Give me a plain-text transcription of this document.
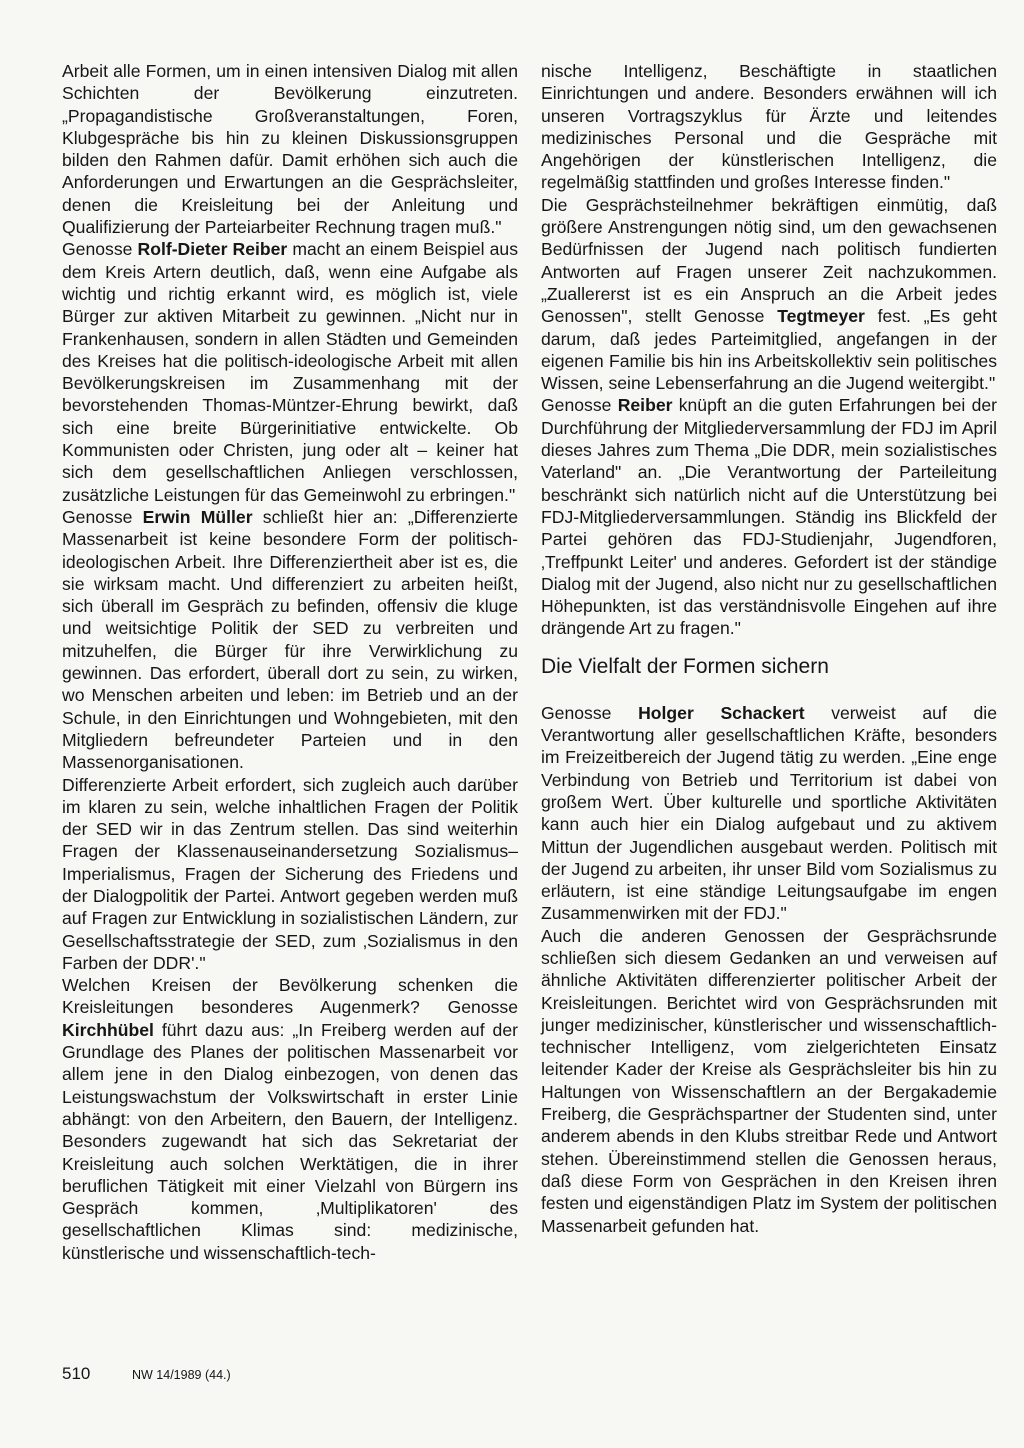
Arbeit alle Formen, um in einen intensiven Dialog mit allen Schichten der Bevölkerung einzutreten. „Propagandistische Großveranstaltungen, Foren, Klubgespräche bis hin zu kleinen Diskussionsgruppen bilden den Rahmen dafür. Damit erhöhen sich auch die Anforderungen und Erwartungen an die Gesprächsleiter, denen die Kreisleitung bei der Anleitung und Qualifizierung der Parteiarbeiter Rechnung tragen muß."

Genosse Rolf-Dieter Reiber macht an einem Beispiel aus dem Kreis Artern deutlich, daß, wenn eine Aufgabe als wichtig und richtig erkannt wird, es möglich ist, viele Bürger zur aktiven Mitarbeit zu gewinnen. „Nicht nur in Frankenhausen, sondern in allen Städten und Gemeinden des Kreises hat die politisch-ideologische Arbeit mit allen Bevölkerungskreisen im Zusammenhang mit der bevorstehenden Thomas-Müntzer-Ehrung bewirkt, daß sich eine breite Bürgerinitiative entwickelte. Ob Kommunisten oder Christen, jung oder alt – keiner hat sich dem gesellschaftlichen Anliegen verschlossen, zusätzliche Leistungen für das Gemeinwohl zu erbringen."

Genosse Erwin Müller schließt hier an: „Differenzierte Massenarbeit ist keine besondere Form der politisch-ideologischen Arbeit. Ihre Differenziertheit aber ist es, die sie wirksam macht. Und differenziert zu arbeiten heißt, sich überall im Gespräch zu befinden, offensiv die kluge und weitsichtige Politik der SED zu verbreiten und mitzuhelfen, die Bürger für ihre Verwirklichung zu gewinnen. Das erfordert, überall dort zu sein, zu wirken, wo Menschen arbeiten und leben: im Betrieb und an der Schule, in den Einrichtungen und Wohngebieten, mit den Mitgliedern befreundeter Parteien und in den Massenorganisationen.

Differenzierte Arbeit erfordert, sich zugleich auch darüber im klaren zu sein, welche inhaltlichen Fragen der Politik der SED wir in das Zentrum stellen. Das sind weiterhin Fragen der Klassenauseinandersetzung Sozialismus–Imperialismus, Fragen der Sicherung des Friedens und der Dialogpolitik der Partei. Antwort gegeben werden muß auf Fragen zur Entwicklung in sozialistischen Ländern, zur Gesellschaftsstrategie der SED, zum ‚Sozialismus in den Farben der DDR'."

Welchen Kreisen der Bevölkerung schenken die Kreisleitungen besonderes Augenmerk? Genosse Kirchhübel führt dazu aus: „In Freiberg werden auf der Grundlage des Planes der politischen Massenarbeit vor allem jene in den Dialog einbezogen, von denen das Leistungswachstum der Volkswirtschaft in erster Linie abhängt: von den Arbeitern, den Bauern, der Intelligenz. Besonders zugewandt hat sich das Sekretariat der Kreisleitung auch solchen Werktätigen, die in ihrer beruflichen Tätigkeit mit einer Vielzahl von Bürgern ins Gespräch kommen, ‚Multiplikatoren' des gesellschaftlichen Klimas sind: medizinische, künstlerische und wissenschaftlich-tech-

nische Intelligenz, Beschäftigte in staatlichen Einrichtungen und andere. Besonders erwähnen will ich unseren Vortragszyklus für Ärzte und leitendes medizinisches Personal und die Gespräche mit Angehörigen der künstlerischen Intelligenz, die regelmäßig stattfinden und großes Interesse finden."

Die Gesprächsteilnehmer bekräftigen einmütig, daß größere Anstrengungen nötig sind, um den gewachsenen Bedürfnissen der Jugend nach politisch fundierten Antworten auf Fragen unserer Zeit nachzukommen. „Zuallererst ist es ein Anspruch an die Arbeit jedes Genossen", stellt Genosse Tegtmeyer fest. „Es geht darum, daß jedes Parteimitglied, angefangen in der eigenen Familie bis hin ins Arbeitskollektiv sein politisches Wissen, seine Lebenserfahrung an die Jugend weitergibt."

Genosse Reiber knüpft an die guten Erfahrungen bei der Durchführung der Mitgliederversammlung der FDJ im April dieses Jahres zum Thema „Die DDR, mein sozialistisches Vaterland" an. „Die Verantwortung der Parteileitung beschränkt sich natürlich nicht auf die Unterstützung bei FDJ-Mitgliederversammlungen. Ständig ins Blickfeld der Partei gehören das FDJ-Studienjahr, Jugendforen, ‚Treffpunkt Leiter' und anderes. Gefordert ist der ständige Dialog mit der Jugend, also nicht nur zu gesellschaftlichen Höhepunkten, ist das verständnisvolle Eingehen auf ihre drängende Art zu fragen."

Die Vielfalt der Formen sichern

Genosse Holger Schackert verweist auf die Verantwortung aller gesellschaftlichen Kräfte, besonders im Freizeitbereich der Jugend tätig zu werden. „Eine enge Verbindung von Betrieb und Territorium ist dabei von großem Wert. Über kulturelle und sportliche Aktivitäten kann auch hier ein Dialog aufgebaut und zu aktivem Mittun der Jugendlichen ausgebaut werden. Politisch mit der Jugend zu arbeiten, ihr unser Bild vom Sozialismus zu erläutern, ist eine ständige Leitungsaufgabe im engen Zusammenwirken mit der FDJ."

Auch die anderen Genossen der Gesprächsrunde schließen sich diesem Gedanken an und verweisen auf ähnliche Aktivitäten differenzierter politischer Arbeit der Kreisleitungen. Berichtet wird von Gesprächsrunden mit junger medizinischer, künstlerischer und wissenschaftlich-technischer Intelligenz, vom zielgerichteten Einsatz leitender Kader der Kreise als Gesprächsleiter bis hin zu Haltungen von Wissenschaftlern an der Bergakademie Freiberg, die Gesprächspartner der Studenten sind, unter anderem abends in den Klubs streitbar Rede und Antwort stehen. Übereinstimmend stellen die Genossen heraus, daß diese Form von Gesprächen in den Kreisen ihren festen und eigenständigen Platz im System der politischen Massenarbeit gefunden hat.

510	NW 14/1989 (44.)
